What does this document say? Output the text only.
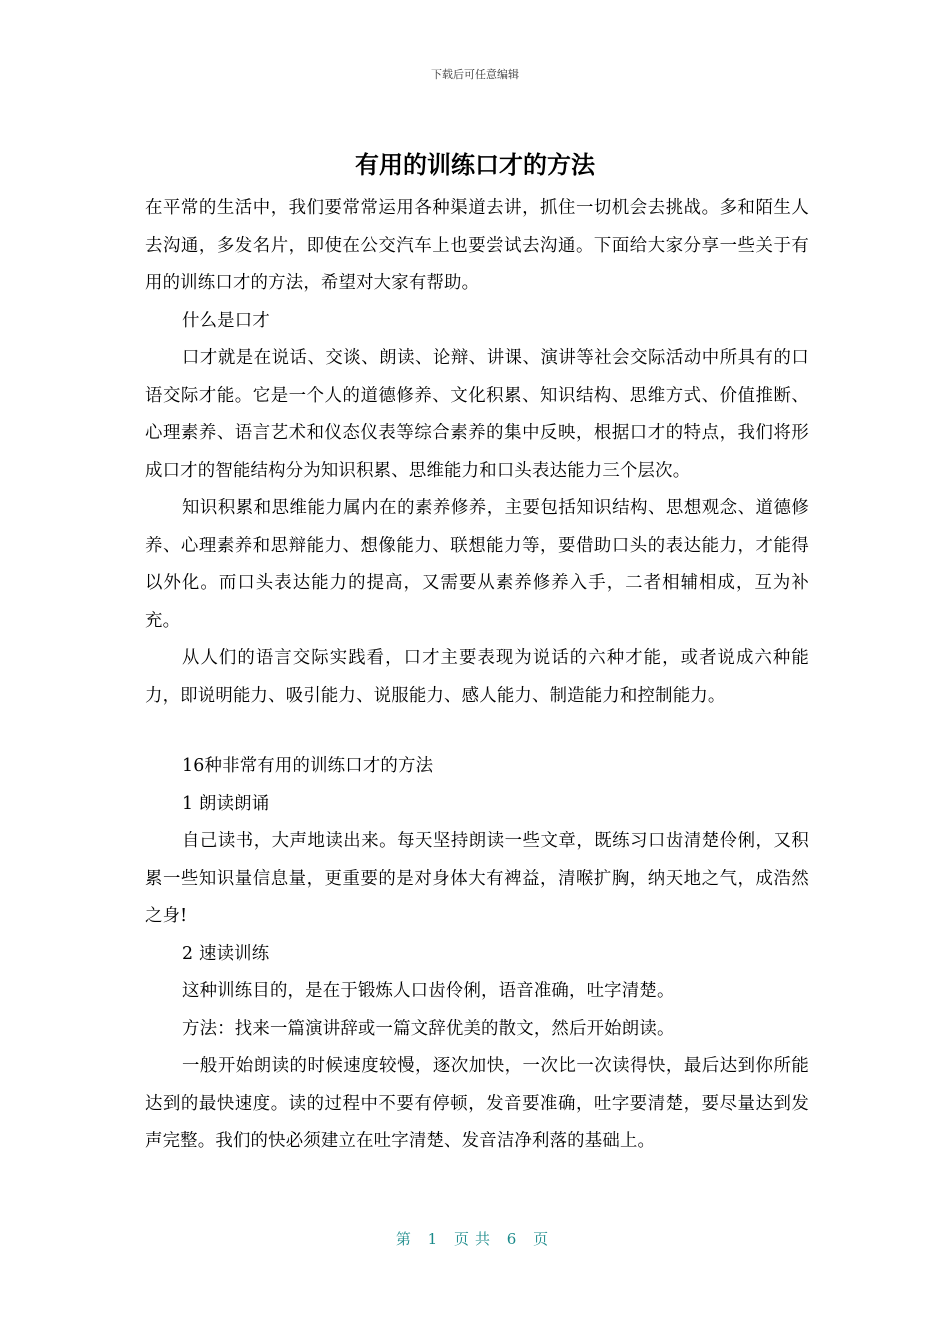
下载后可任意编辑
有用的训练口才的方法

在平常的生活中，我们要常常运用各种渠道去讲，抓住一切机会去挑战。多和陌生人去沟通，多发名片，即使在公交汽车上也要尝试去沟通。下面给大家分享一些关于有用的训练口才的方法，希望对大家有帮助。

什么是口才

口才就是在说话、交谈、朗读、论辩、讲课、演讲等社会交际活动中所具有的口语交际才能。它是一个人的道德修养、文化积累、知识结构、思维方式、价值推断、心理素养、语言艺术和仪态仪表等综合素养的集中反映，根据口才的特点，我们将形成口才的智能结构分为知识积累、思维能力和口头表达能力三个层次。

知识积累和思维能力属内在的素养修养，主要包括知识结构、思想观念、道德修养、心理素养和思辩能力、想像能力、联想能力等，要借助口头的表达能力，才能得以外化。而口头表达能力的提高，又需要从素养修养入手，二者相辅相成，互为补充。

从人们的语言交际实践看，口才主要表现为说话的六种才能，或者说成六种能力，即说明能力、吸引能力、说服能力、感人能力、制造能力和控制能力。

16种非常有用的训练口才的方法

1 朗读朗诵

自己读书，大声地读出来。每天坚持朗读一些文章，既练习口齿清楚伶俐，又积累一些知识量信息量，更重要的是对身体大有裨益，清喉扩胸，纳天地之气，成浩然之身!

2 速读训练

这种训练目的，是在于锻炼人口齿伶俐，语音准确，吐字清楚。

方法：找来一篇演讲辞或一篇文辞优美的散文，然后开始朗读。

一般开始朗读的时候速度较慢，逐次加快，一次比一次读得快，最后达到你所能达到的最快速度。读的过程中不要有停顿，发音要准确，吐字要清楚，要尽量达到发声完整。我们的快必须建立在吐字清楚、发音洁净利落的基础上。

第 1 页共 6 页
